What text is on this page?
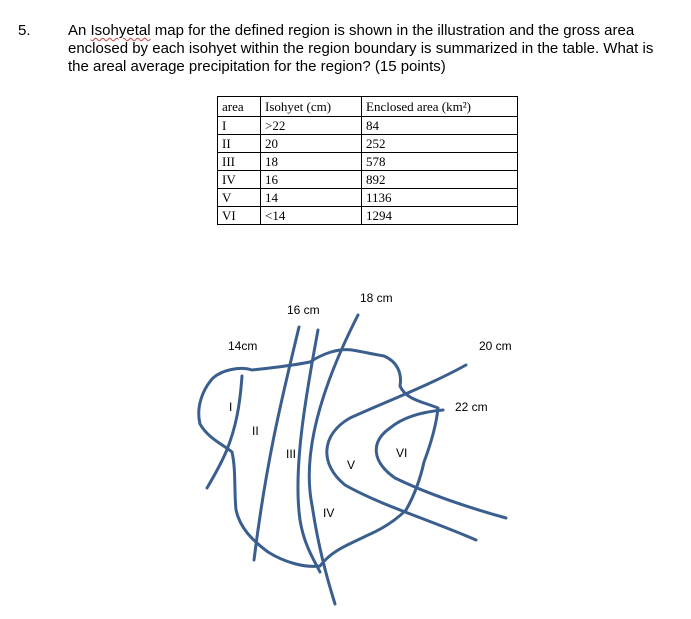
5. An Isohyetal map for the defined region is shown in the illustration and the gross area enclosed by each isohyet within the region boundary is summarized in the table. What is the areal average precipitation for the region? (15 points)
area	Isohyet (cm)	Enclosed area (km²)
I	>22	84
II	20	252
III	18	578
IV	16	892
V	14	1136
VI	<14	1294
14cm
16 cm
18 cm
20 cm
22 cm
I
II
III
IV
V
VI
